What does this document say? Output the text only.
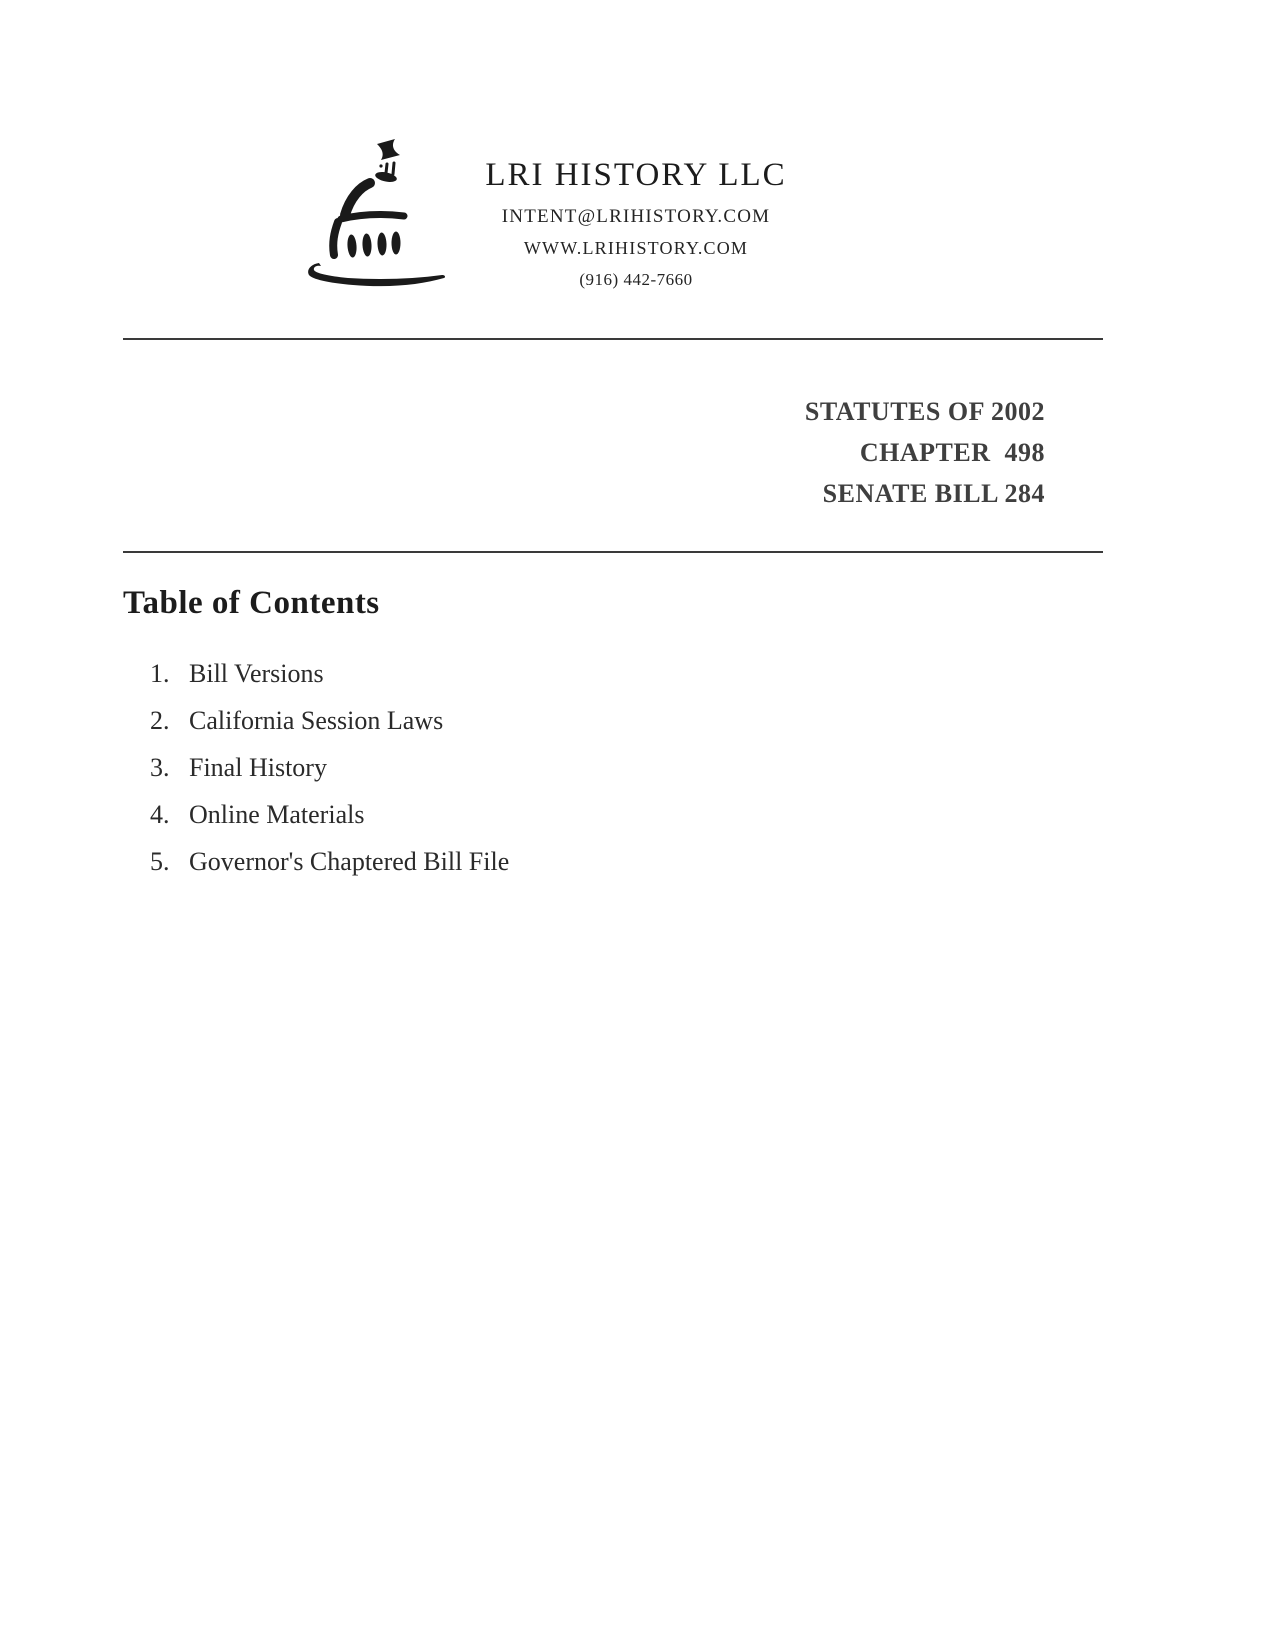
LRI HISTORY LLC
INTENT@LRIHISTORY.COM
WWW.LRIHISTORY.COM
(916) 442-7660
STATUTES OF 2002
CHAPTER  498
SENATE BILL 284
Table of Contents
1. Bill Versions
2. California Session Laws
3. Final History
4. Online Materials
5. Governor's Chaptered Bill File
